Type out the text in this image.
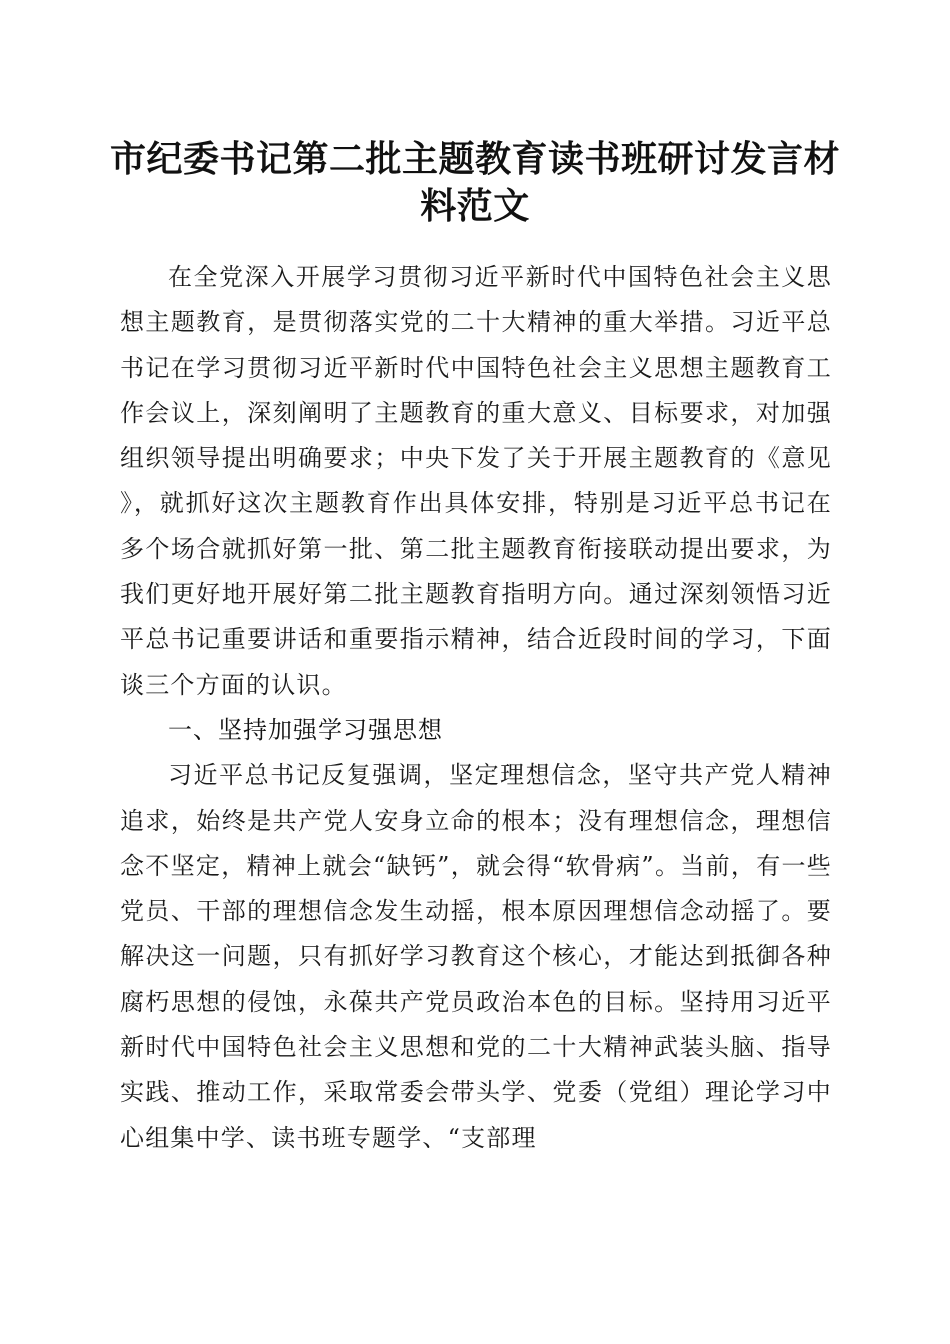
市纪委书记第二批主题教育读书班研讨发言材料范文

在全党深入开展学习贯彻习近平新时代中国特色社会主义思想主题教育，是贯彻落实党的二十大精神的重大举措。习近平总书记在学习贯彻习近平新时代中国特色社会主义思想主题教育工作会议上，深刻阐明了主题教育的重大意义、目标要求，对加强组织领导提出明确要求；中央下发了关于开展主题教育的《意见》，就抓好这次主题教育作出具体安排，特别是习近平总书记在多个场合就抓好第一批、第二批主题教育衔接联动提出要求，为我们更好地开展好第二批主题教育指明方向。通过深刻领悟习近平总书记重要讲话和重要指示精神，结合近段时间的学习，下面谈三个方面的认识。

一、坚持加强学习强思想

习近平总书记反复强调，坚定理想信念，坚守共产党人精神追求，始终是共产党人安身立命的根本；没有理想信念，理想信念不坚定，精神上就会“缺钙”，就会得“软骨病”。当前，有一些党员、干部的理想信念发生动摇，根本原因理想信念动摇了。要解决这一问题，只有抓好学习教育这个核心，才能达到抵御各种腐朽思想的侵蚀，永葆共产党员政治本色的目标。坚持用习近平新时代中国特色社会主义思想和党的二十大精神武装头脑、指导实践、推动工作，采取常委会带头学、党委（党组）理论学习中心组集中学、读书班专题学、“支部理
